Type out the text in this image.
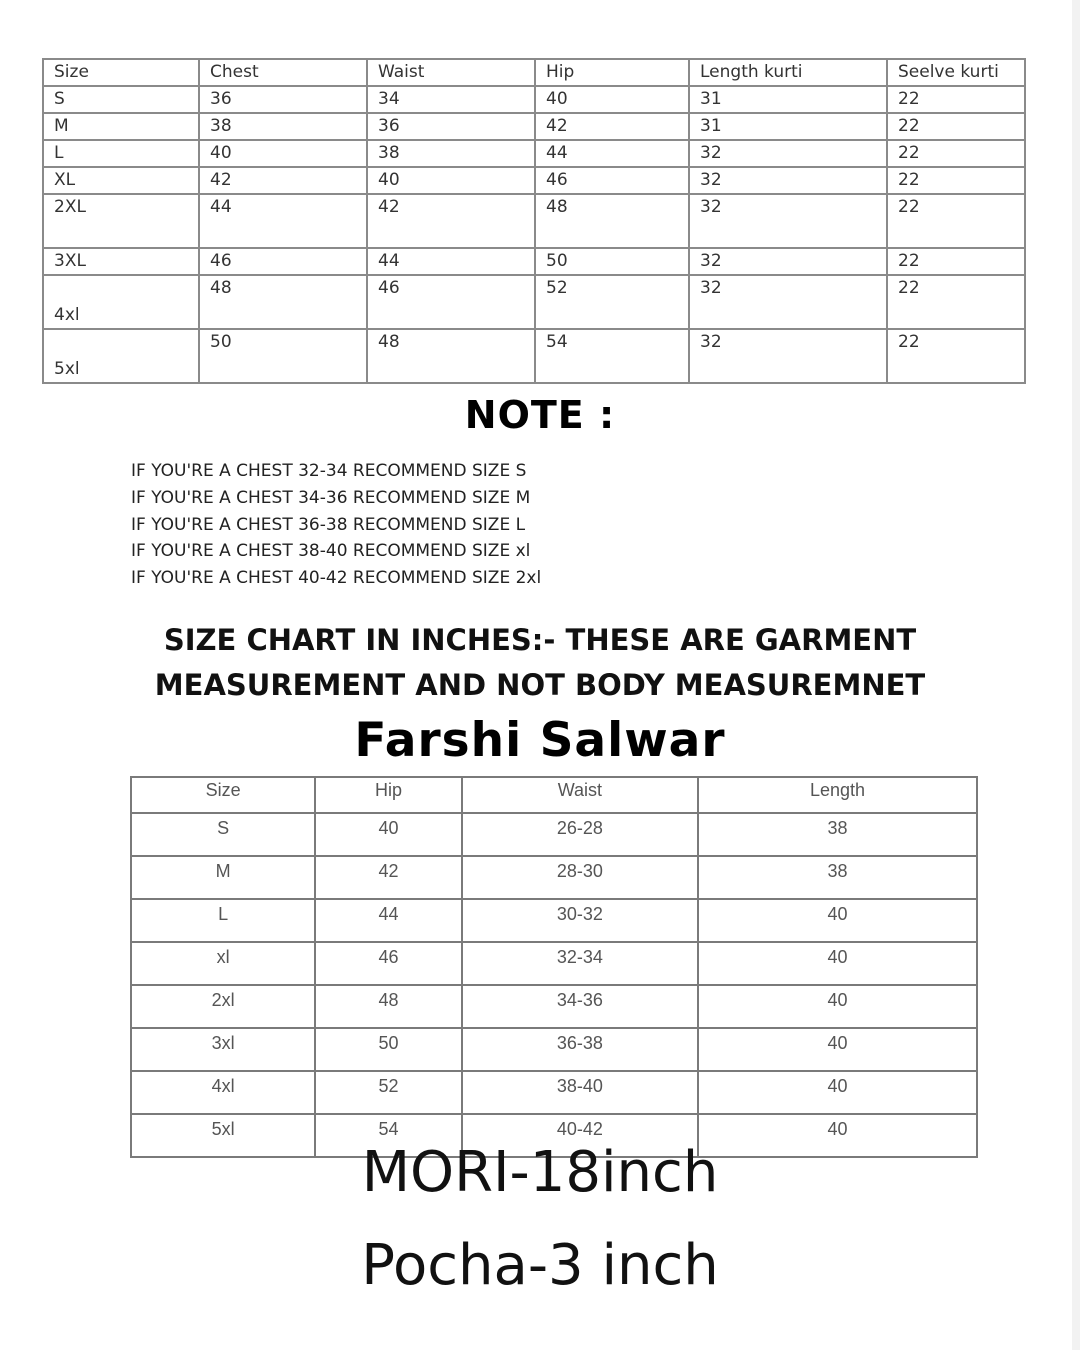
Size	Chest	Waist	Hip	Length kurti	Seelve kurti
S	36	34	40	31	22
M	38	36	42	31	22
L	40	38	44	32	22
XL	42	40	46	32	22
2XL	44	42	48	32	22
3XL	46	44	50	32	22
4xl	48	46	52	32	22
5xl	50	48	54	32	22
NOTE :
IF YOU'RE A CHEST 32-34 RECOMMEND SIZE S
IF YOU'RE A CHEST 34-36 RECOMMEND SIZE M
IF YOU'RE A CHEST 36-38 RECOMMEND SIZE L
IF YOU'RE A CHEST 38-40 RECOMMEND SIZE xl
IF YOU'RE A CHEST 40-42 RECOMMEND SIZE 2xl
SIZE CHART IN INCHES:- THESE ARE GARMENT
MEASUREMENT AND NOT BODY MEASUREMNET
Farshi Salwar
Size	Hip	Waist	Length
S	40	26-28	38
M	42	28-30	38
L	44	30-32	40
xl	46	32-34	40
2xl	48	34-36	40
3xl	50	36-38	40
4xl	52	38-40	40
5xl	54	40-42	40
MORI-18inch
Pocha-3 inch
